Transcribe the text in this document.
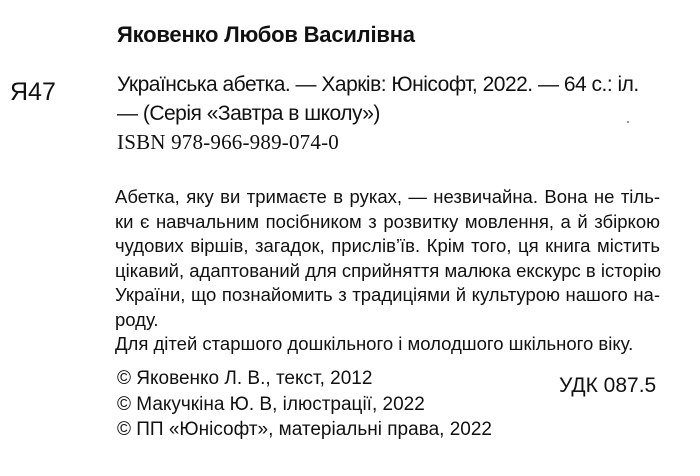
Яковенко Любов Василівна
Я47	Українська абетка. — Харків: Юнісофт, 2022. — 64 с.: іл.
— (Серія «Завтра в школу»)
ISBN 978-966-989-074-0
Абетка, яку ви тримаєте в руках, — незвичайна. Вона не тіль-
ки є навчальним посібником з розвитку мовлення, а й збіркою
чудових віршів, загадок, прислів’їв. Крім того, ця книга містить
цікавий, адаптований для сприйняття малюка екскурс в історію
України, що познайомить з традиціями й культурою нашого на-
роду.
Для дітей старшого дошкільного і молодшого шкільного віку.
© Яковенко Л. В., текст, 2012
© Макучкіна Ю. В, ілюстрації, 2022
© ПП «Юнісофт», матеріальні права, 2022
УДК 087.5
